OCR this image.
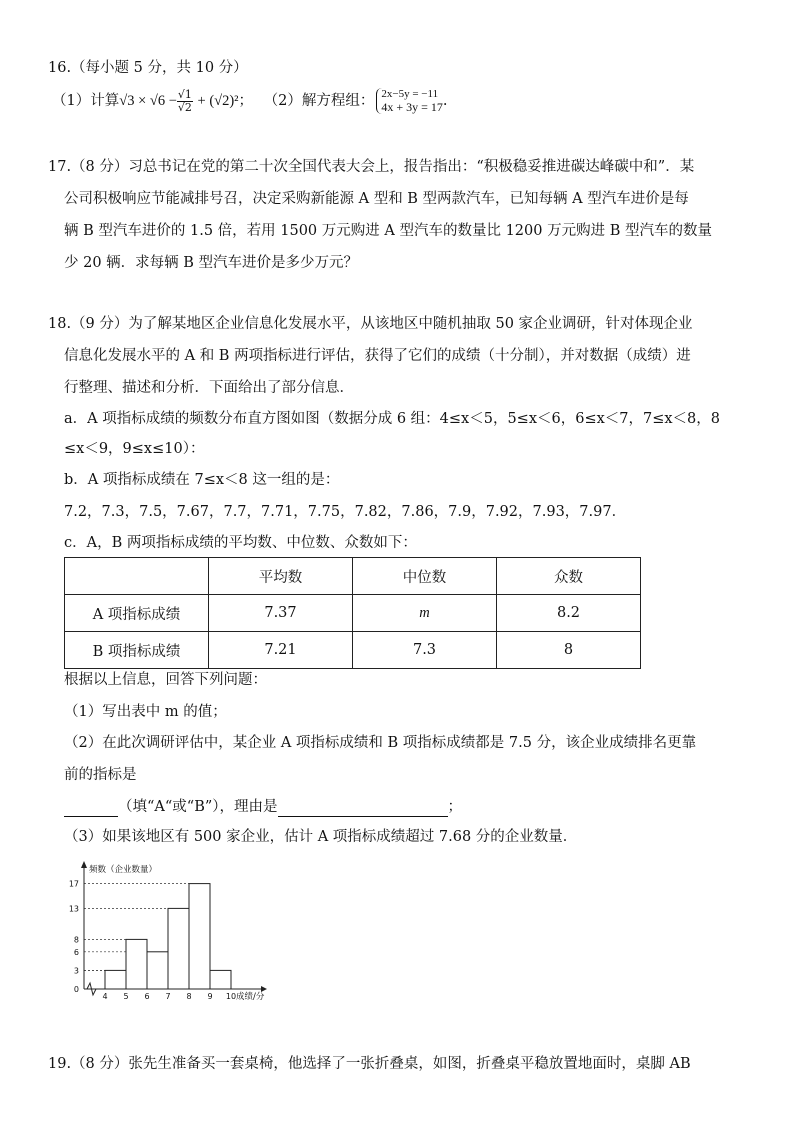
16.（每小题 5 分，共 10 分）
（1）计算$√3 \times √6 - \frac{√1}{√2} + (√2)^2$； （2）解方程组： 2x−5y = −11
4x + 3y = 17 .
17.（8 分）习总书记在党的第二十次全国代表大会上，报告指出：“积极稳妥推进碳达峰碳中和”．某
公司积极响应节能减排号召，决定采购新能源 A 型和 B 型两款汽车，已知每辆 A 型汽车进价是每
辆 B 型汽车进价的 1.5 倍，若用 1500 万元购进 A 型汽车的数量比 1200 万元购进 B 型汽车的数量
少 20 辆．求每辆 B 型汽车进价是多少万元？
18.（9 分）为了解某地区企业信息化发展水平，从该地区中随机抽取 50 家企业调研，针对体现企业
信息化发展水平的 A 和 B 两项指标进行评估，获得了它们的成绩（十分制），并对数据（成绩）进
行整理、描述和分析．下面给出了部分信息．
a．A 项指标成绩的频数分布直方图如图（数据分成 6 组：4≤x＜5，5≤x＜6，6≤x＜7，7≤x＜8，8
≤x＜9，9≤x≤10）：
b．A 项指标成绩在 7≤x＜8 这一组的是：
7.2，7.3，7.5，7.67，7.7，7.71，7.75，7.82，7.86，7.9，7.92，7.93，7.97．
c．A，B 两项指标成绩的平均数、中位数、众数如下：
	平均数	中位数	众数
A 项指标成绩	7.37	m	8.2
B 项指标成绩	7.21	7.3	8
根据以上信息，回答下列问题：
（1）写出表中 m 的值；
（2）在此次调研评估中，某企业 A 项指标成绩和 B 项指标成绩都是 7.5 分，该企业成绩排名更靠
前的指标是
（填“A“或“B”），理由是	；
（3）如果该地区有 500 家企业，估计 A 项指标成绩超过 7.68 分的企业数量．
0
3
6
8
13
17
4 5 6 7 8 9 10
频数（企业数量）
成绩/分
19.（8 分）张先生准备买一套桌椅，他选择了一张折叠桌，如图，折叠桌平稳放置地面时，桌脚 AB
